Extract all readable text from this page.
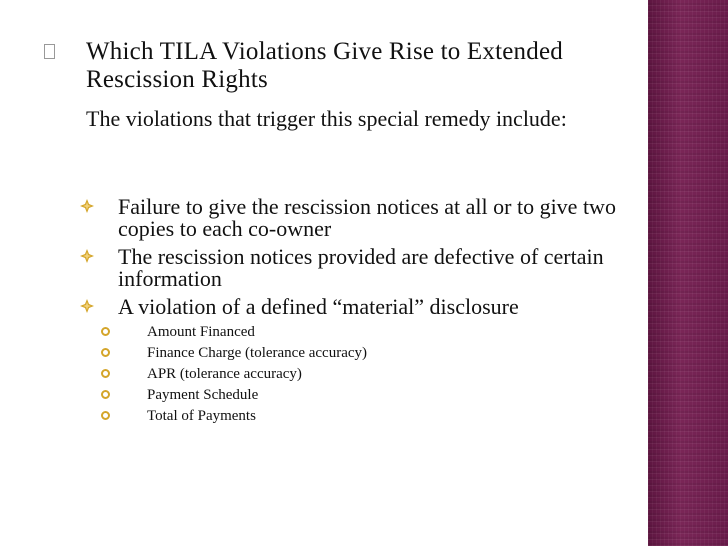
Which TILA Violations Give Rise to Extended Rescission Rights
The violations that trigger this special remedy include:
Failure to give the rescission notices at all or to give two copies to each co-owner
The rescission notices provided are defective of certain information
A violation of a defined “material” disclosure
Amount Financed
Finance Charge (tolerance accuracy)
APR (tolerance accuracy)
Payment Schedule
Total of Payments
